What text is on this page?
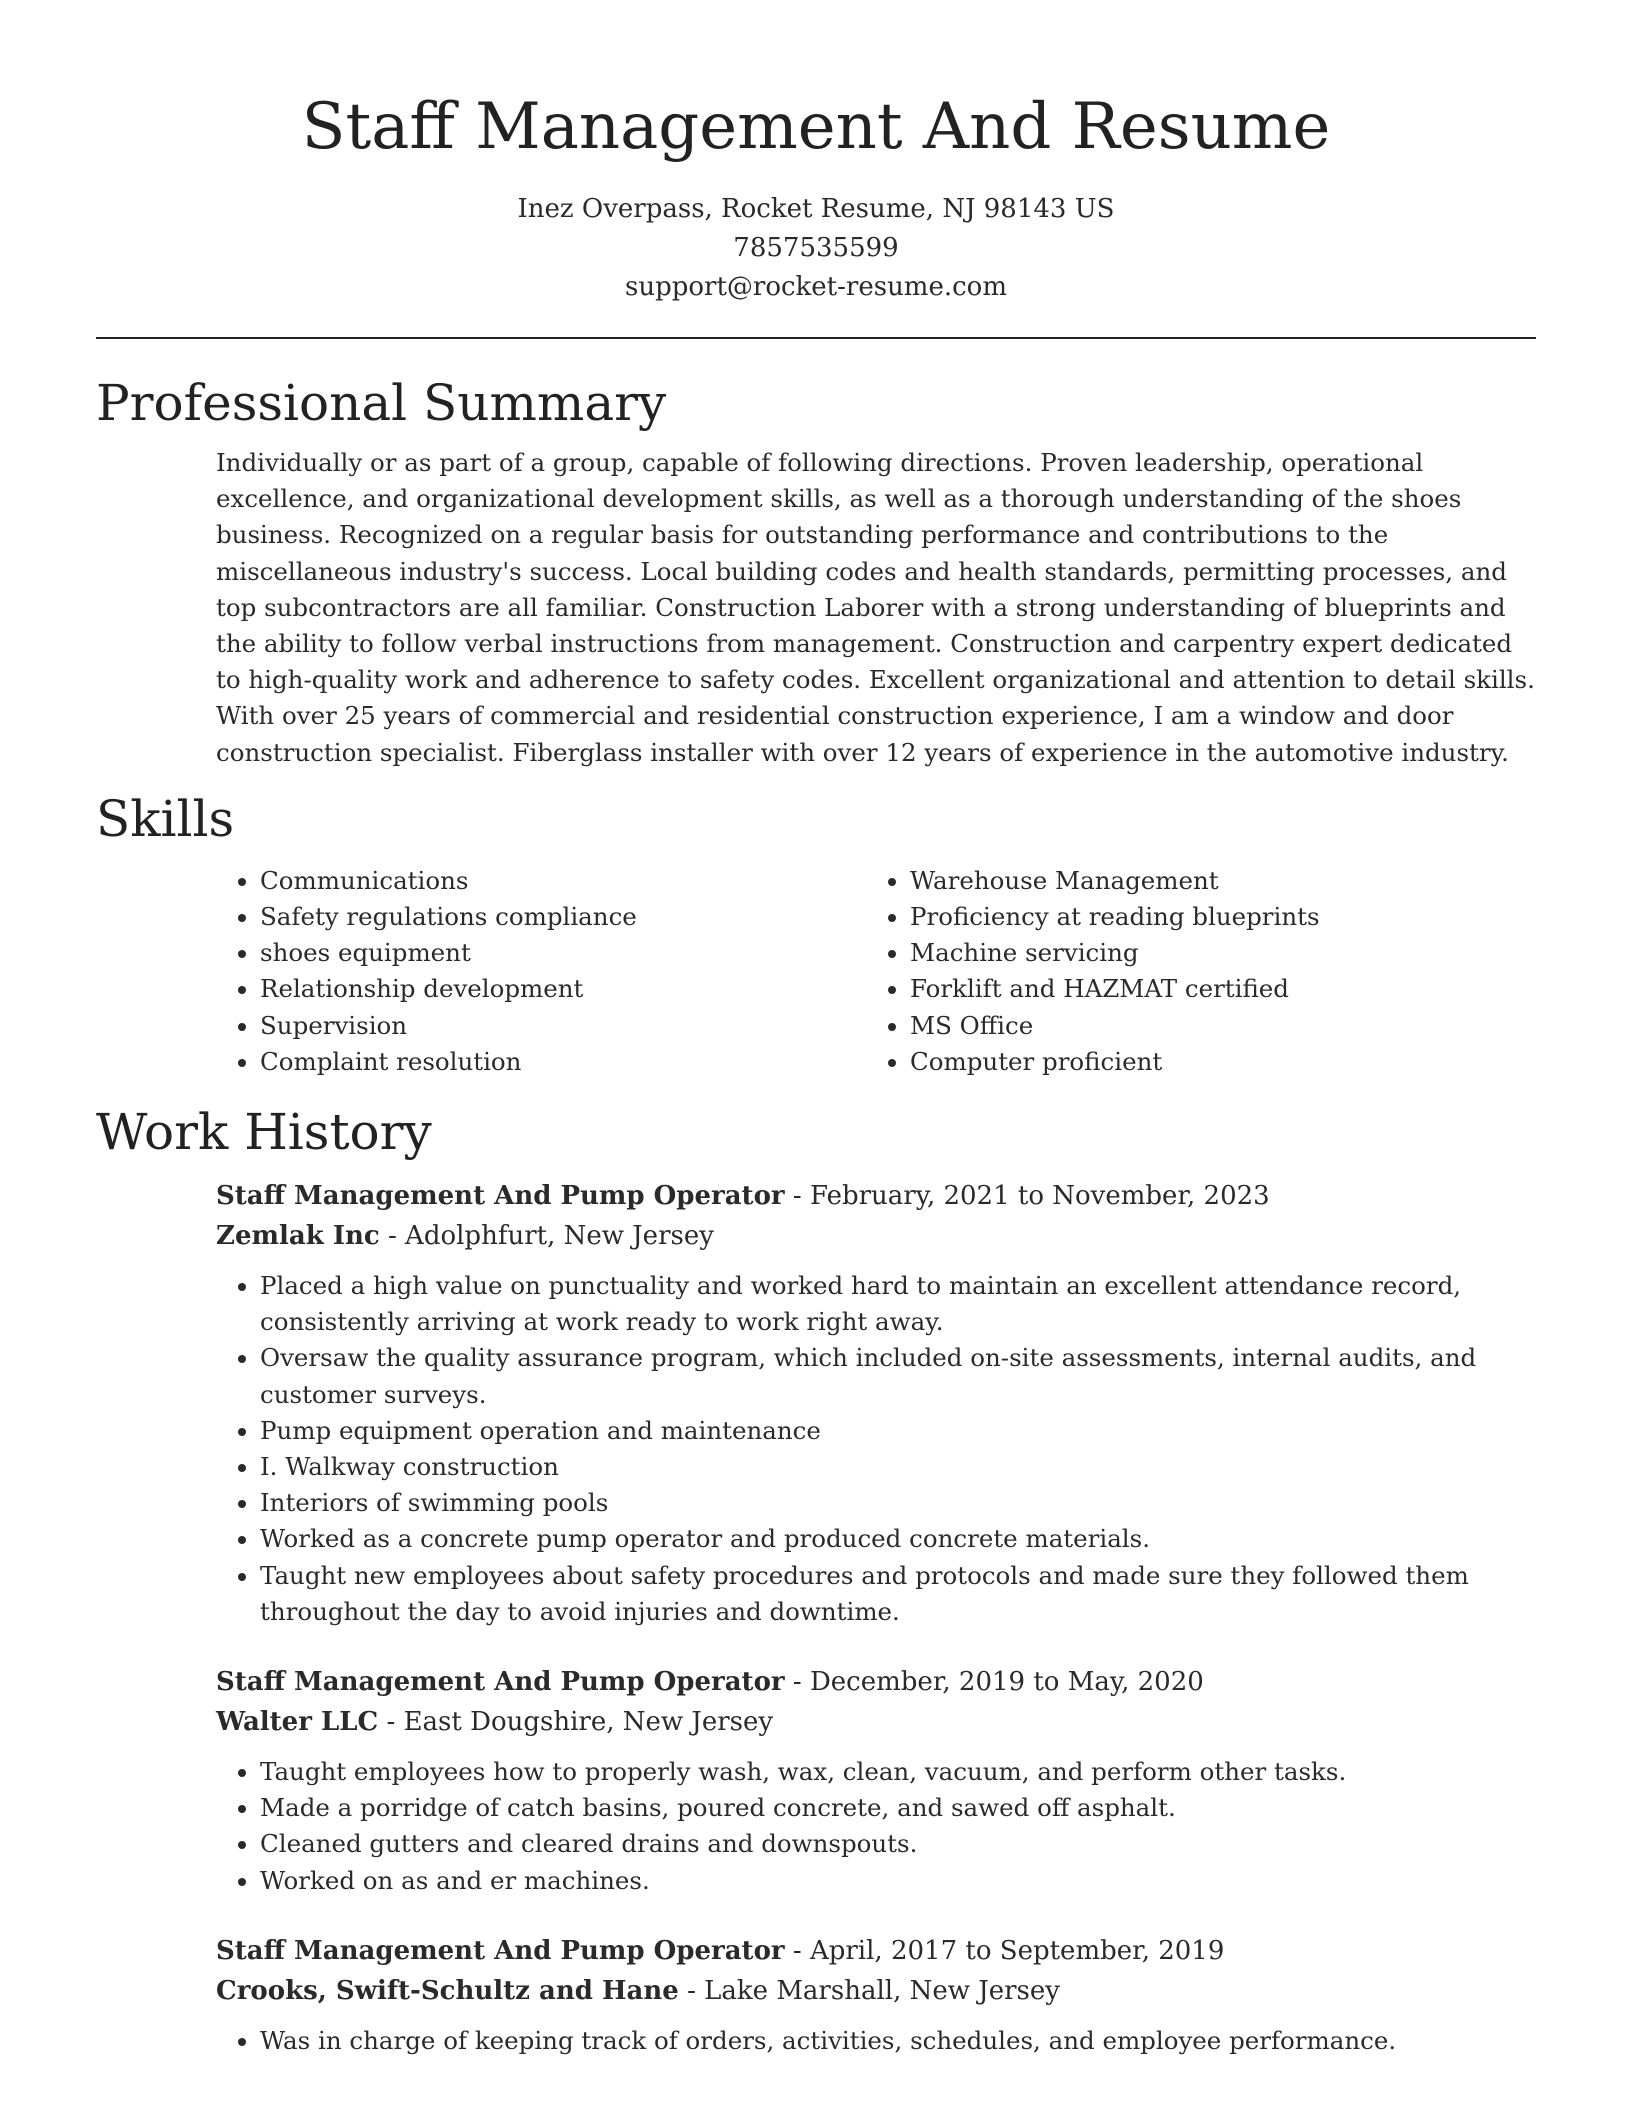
Staff Management And Resume
Inez Overpass, Rocket Resume, NJ 98143 US
7857535599
support@rocket-resume.com
Professional Summary

Individually or as part of a group, capable of following directions. Proven leadership, operational excellence, and organizational development skills, as well as a thorough understanding of the shoes business. Recognized on a regular basis for outstanding performance and contributions to the miscellaneous industry's success. Local building codes and health standards, permitting processes, and top subcontractors are all familiar. Construction Laborer with a strong understanding of blueprints and the ability to follow verbal instructions from management. Construction and carpentry expert dedicated to high-quality work and adherence to safety codes. Excellent organizational and attention to detail skills. With over 25 years of commercial and residential construction experience, I am a window and door construction specialist. Fiberglass installer with over 12 years of experience in the automotive industry.

Skills
• Communications
• Safety regulations compliance
• shoes equipment
• Relationship development
• Supervision
• Complaint resolution
• Warehouse Management
• Proficiency at reading blueprints
• Machine servicing
• Forklift and HAZMAT certified
• MS Office
• Computer proficient
Work History
Staff Management And Pump Operator - February, 2021 to November, 2023
Zemlak Inc - Adolphfurt, New Jersey
• Placed a high value on punctuality and worked hard to maintain an excellent attendance record, consistently arriving at work ready to work right away.
• Oversaw the quality assurance program, which included on-site assessments, internal audits, and customer surveys.
• Pump equipment operation and maintenance
• I. Walkway construction
• Interiors of swimming pools
• Worked as a concrete pump operator and produced concrete materials.
• Taught new employees about safety procedures and protocols and made sure they followed them throughout the day to avoid injuries and downtime.
Staff Management And Pump Operator - December, 2019 to May, 2020
Walter LLC - East Dougshire, New Jersey
• Taught employees how to properly wash, wax, clean, vacuum, and perform other tasks.
• Made a porridge of catch basins, poured concrete, and sawed off asphalt.
• Cleaned gutters and cleared drains and downspouts.
• Worked on as and er machines.
Staff Management And Pump Operator - April, 2017 to September, 2019
Crooks, Swift-Schultz and Hane - Lake Marshall, New Jersey
• Was in charge of keeping track of orders, activities, schedules, and employee performance.
